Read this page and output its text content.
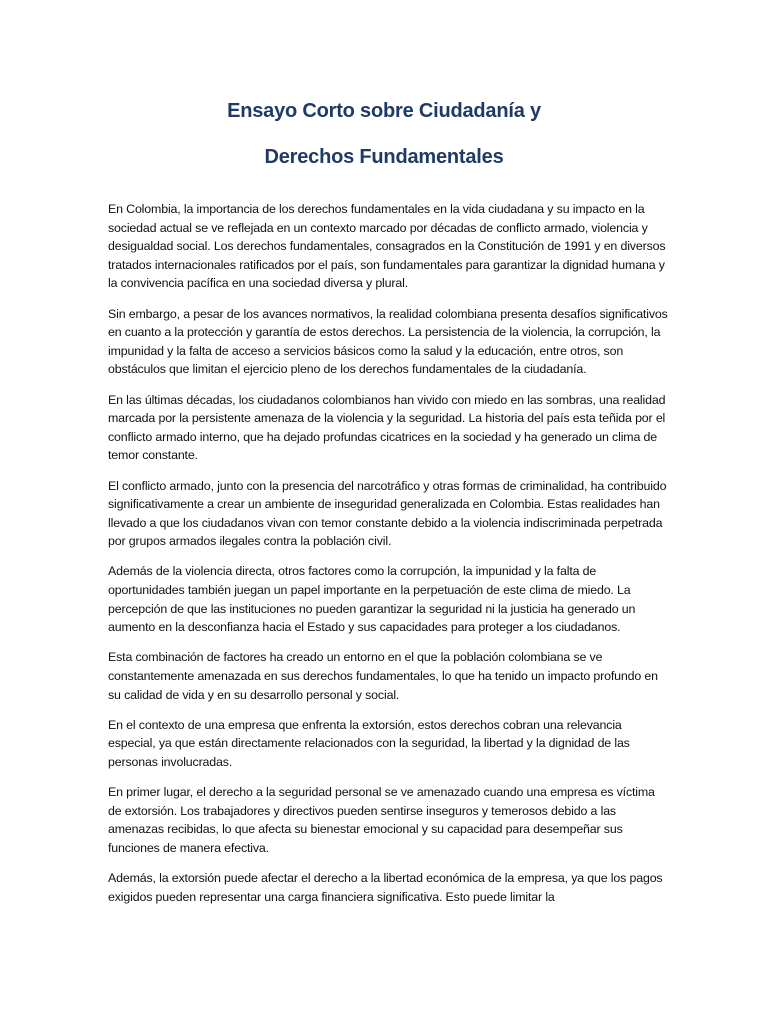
Ensayo Corto sobre Ciudadanía y
Derechos Fundamentales

En Colombia, la importancia de los derechos fundamentales en la vida ciudadana y su impacto en la sociedad actual se ve reflejada en un contexto marcado por décadas de conflicto armado, violencia y desigualdad social. Los derechos fundamentales, consagrados en la Constitución de 1991 y en diversos tratados internacionales ratificados por el país, son fundamentales para garantizar la dignidad humana y la convivencia pacífica en una sociedad diversa y plural.

Sin embargo, a pesar de los avances normativos, la realidad colombiana presenta desafíos significativos en cuanto a la protección y garantía de estos derechos. La persistencia de la violencia, la corrupción, la impunidad y la falta de acceso a servicios básicos como la salud y la educación, entre otros, son obstáculos que limitan el ejercicio pleno de los derechos fundamentales de la ciudadanía.

En las últimas décadas, los ciudadanos colombianos han vivido con miedo en las sombras, una realidad marcada por la persistente amenaza de la violencia y la seguridad. La historia del país esta teñida por el conflicto armado interno, que ha dejado profundas cicatrices en la sociedad y ha generado un clima de temor constante.

El conflicto armado, junto con la presencia del narcotráfico y otras formas de criminalidad, ha contribuido significativamente a crear un ambiente de inseguridad generalizada en Colombia. Estas realidades han llevado a que los ciudadanos vivan con temor constante debido a la violencia indiscriminada perpetrada por grupos armados ilegales contra la población civil.

Además de la violencia directa, otros factores como la corrupción, la impunidad y la falta de oportunidades también juegan un papel importante en la perpetuación de este clima de miedo. La percepción de que las instituciones no pueden garantizar la seguridad ni la justicia ha generado un aumento en la desconfianza hacia el Estado y sus capacidades para proteger a los ciudadanos.

Esta combinación de factores ha creado un entorno en el que la población colombiana se ve constantemente amenazada en sus derechos fundamentales, lo que ha tenido un impacto profundo en su calidad de vida y en su desarrollo personal y social.

En el contexto de una empresa que enfrenta la extorsión, estos derechos cobran una relevancia especial, ya que están directamente relacionados con la seguridad, la libertad y la dignidad de las personas involucradas.

En primer lugar, el derecho a la seguridad personal se ve amenazado cuando una empresa es víctima de extorsión. Los trabajadores y directivos pueden sentirse inseguros y temerosos debido a las amenazas recibidas, lo que afecta su bienestar emocional y su capacidad para desempeñar sus funciones de manera efectiva.

Además, la extorsión puede afectar el derecho a la libertad económica de la empresa, ya que los pagos exigidos pueden representar una carga financiera significativa. Esto puede limitar la
